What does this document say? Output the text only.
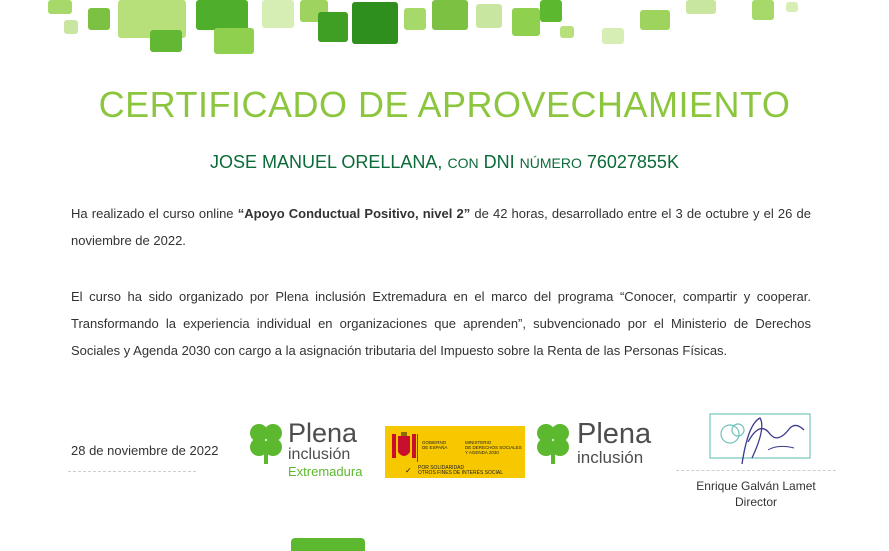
CERTIFICADO DE APROVECHAMIENTO

JOSE MANUEL ORELLANA, CON DNI NÚMERO 76027855K

Ha realizado el curso online “Apoyo Conductual Positivo, nivel 2” de 42 horas, desarrollado entre el 3 de octubre y el 26 de noviembre de 2022.

El curso ha sido organizado por Plena inclusión Extremadura en el marco del programa “Conocer, compartir y cooperar. Transformando la experiencia individual en organizaciones que aprenden”, subvencionado por el Ministerio de Derechos Sociales y Agenda 2030 con cargo a la asignación tributaria del Impuesto sobre la Renta de las Personas Físicas.

28 de noviembre de 2022

Plena
inclusión
Extremadura
GOBIERNO
DE ESPAÑA
MINISTERIO
DE DERECHOS SOCIALES
Y AGENDA 2030
POR SOLIDARIDAD
OTROS FINES DE INTERÉS SOCIAL
✓
Plena
inclusión
Enrique Galván Lamet
Director
